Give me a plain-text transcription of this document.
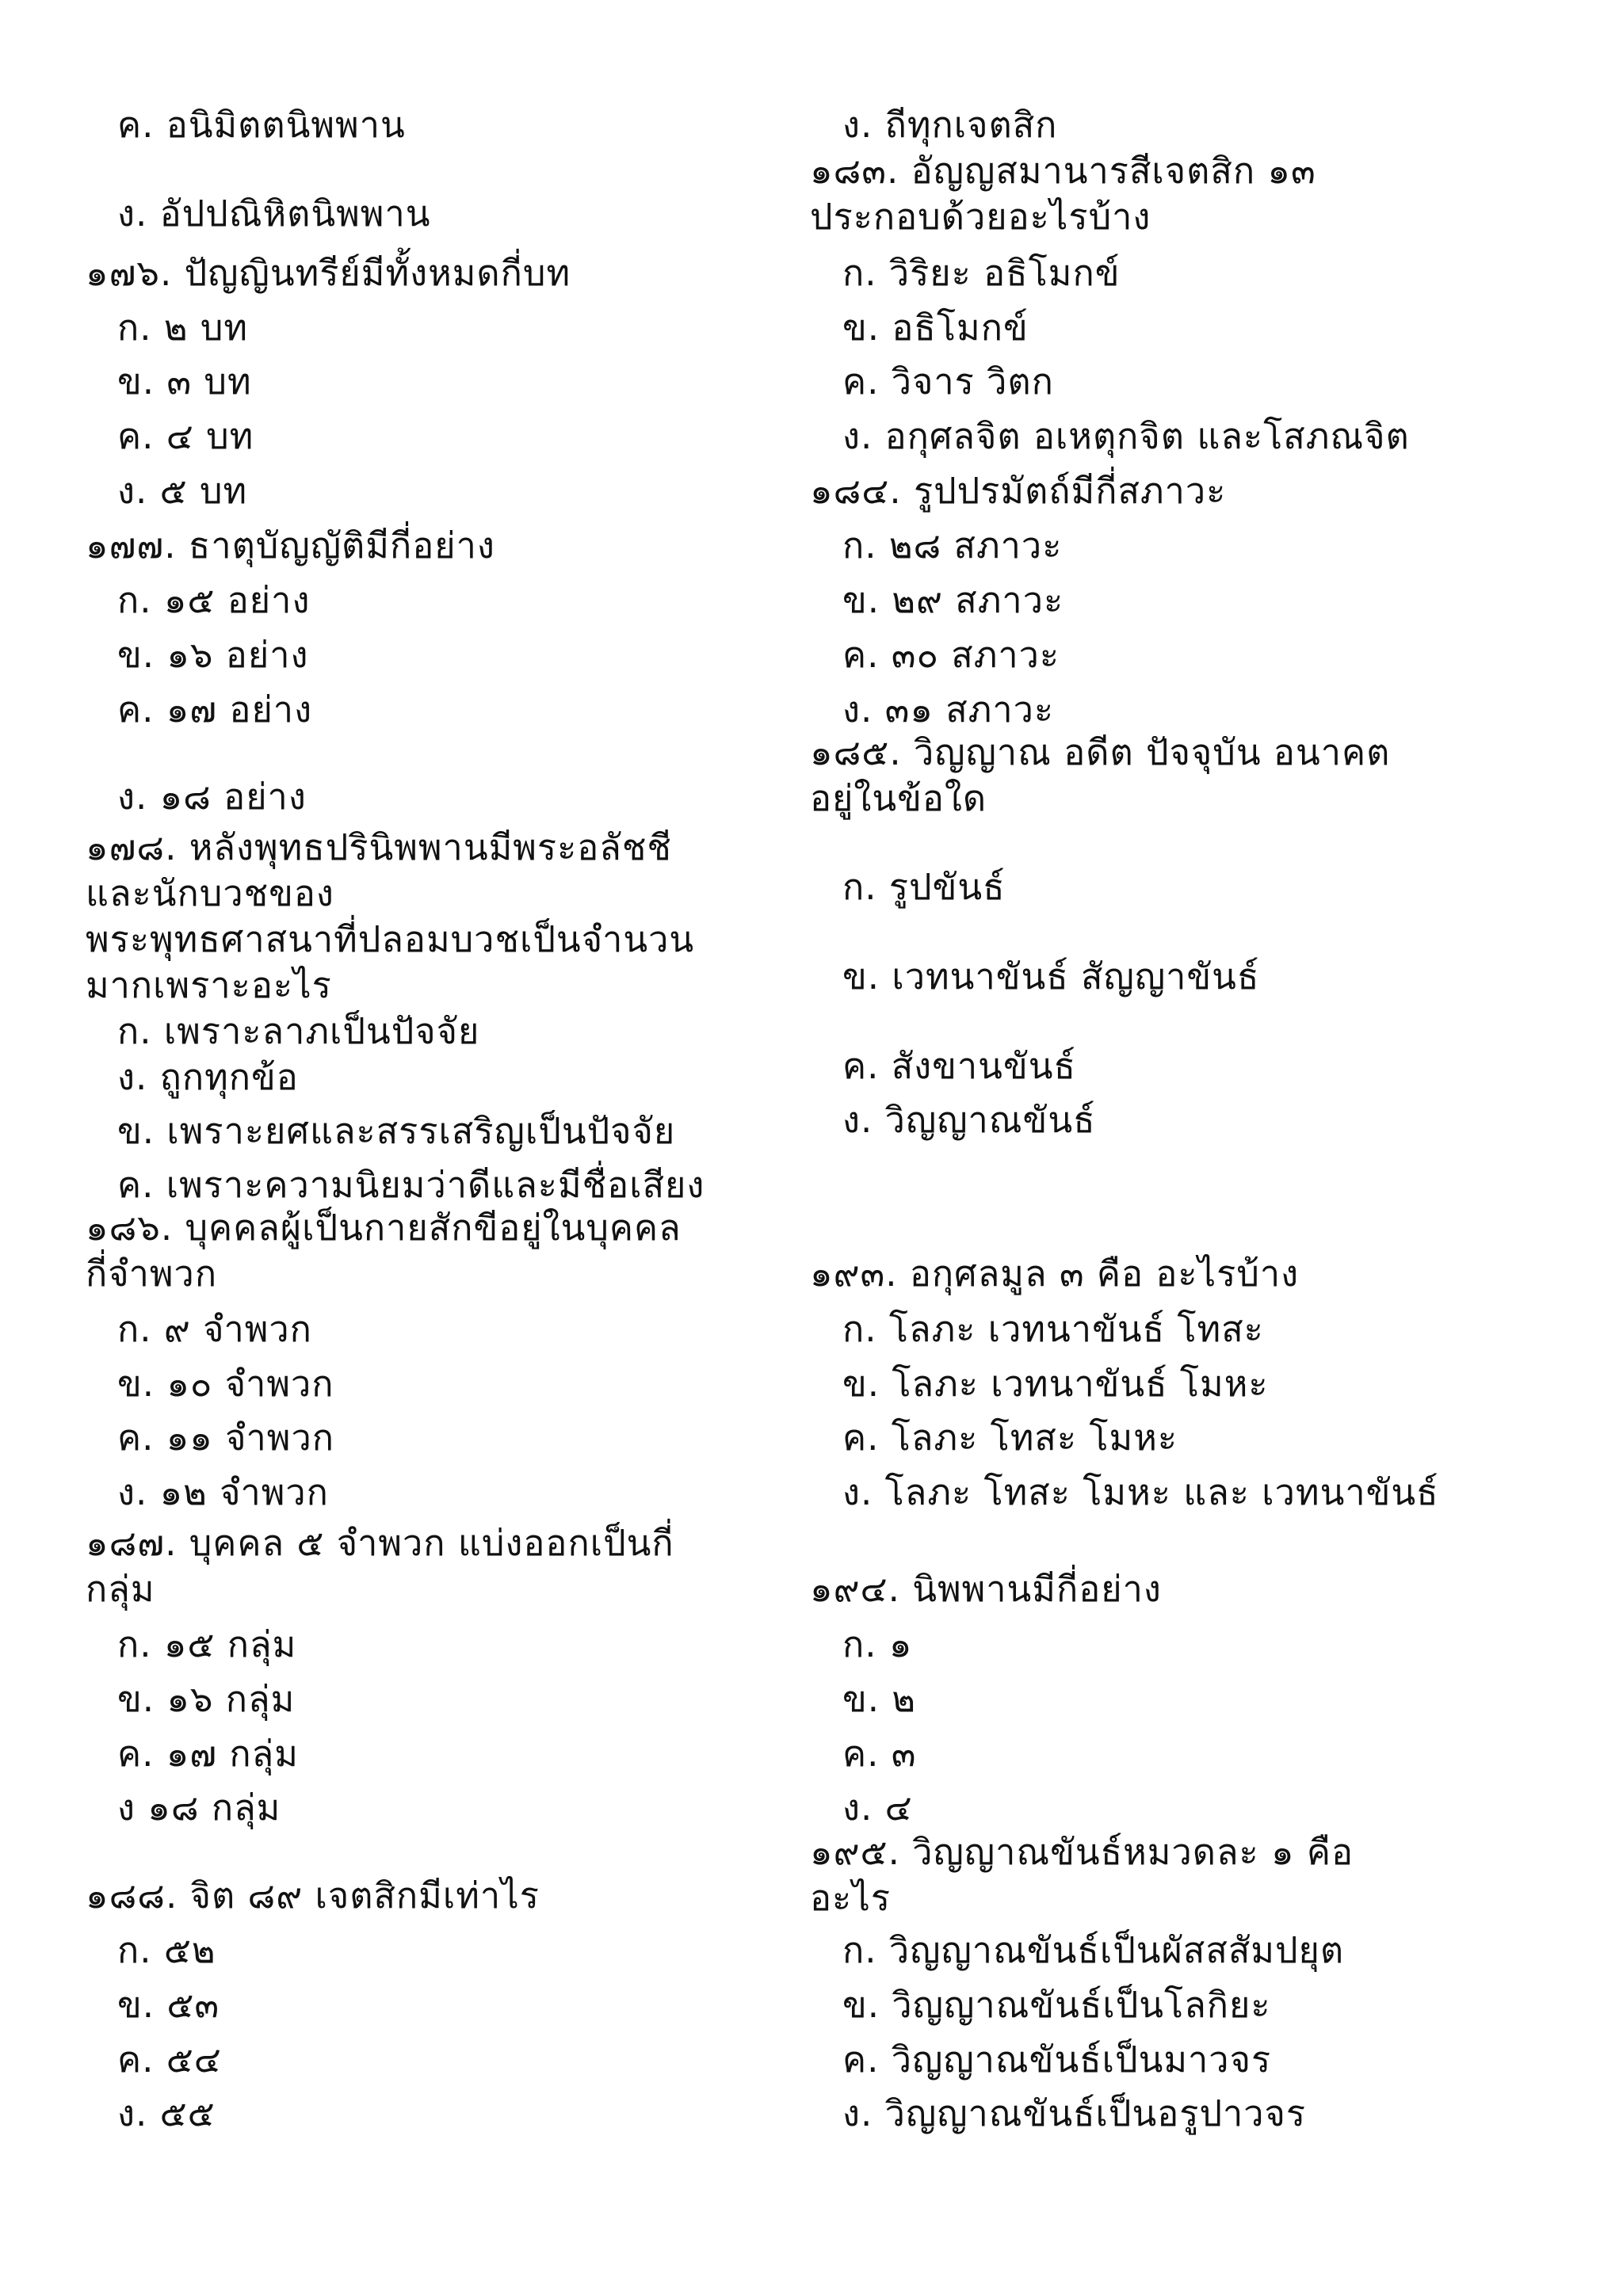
ค. อนิมิตตนิพพาน
ง. อัปปณิหิตนิพพาน
๑๗๖. ปัญญินทรีย์มีทั้งหมดกี่บท
ก. ๒ บท
ข. ๓ บท
ค. ๔ บท
ง. ๕ บท
๑๗๗. ธาตุบัญญัติมีกี่อย่าง
ก. ๑๕ อย่าง
ข. ๑๖ อย่าง
ค. ๑๗ อย่าง
ง. ๑๘ อย่าง
๑๗๘. หลังพุทธปรินิพพานมีพระอลัชชี
และนักบวชของ
พระพุทธศาสนาที่ปลอมบวชเป็นจำนวน
มากเพราะอะไร
ก. เพราะลาภเป็นปัจจัย
ง. ถูกทุกข้อ
ข. เพราะยศและสรรเสริญเป็นปัจจัย
ค. เพราะความนิยมว่าดีและมีชื่อเสียง
๑๘๖. บุคคลผู้เป็นกายสักขีอยู่ในบุคคล
กี่จำพวก
ก. ๙ จำพวก
ข. ๑๐ จำพวก
ค. ๑๑ จำพวก
ง. ๑๒ จำพวก
๑๘๗. บุคคล ๕ จำพวก แบ่งออกเป็นกี่
กลุ่ม
ก. ๑๕ กลุ่ม
ข. ๑๖ กลุ่ม
ค. ๑๗ กลุ่ม
ง ๑๘ กลุ่ม
๑๘๘. จิต ๘๙ เจตสิกมีเท่าไร
ก. ๕๒
ข. ๕๓
ค. ๕๔
ง. ๕๕
ง. ถีทุกเจตสิก
๑๘๓. อัญญสมานารสีเจตสิก ๑๓
ประกอบด้วยอะไรบ้าง
ก. วิริยะ อธิโมกข์
ข. อธิโมกข์
ค. วิจาร วิตก
ง. อกุศลจิต อเหตุกจิต และโสภณจิต
๑๘๔. รูปปรมัตถ์มีกี่สภาวะ
ก. ๒๘ สภาวะ
ข. ๒๙ สภาวะ
ค. ๓๐ สภาวะ
ง. ๓๑ สภาวะ
๑๘๕. วิญญาณ อดีต ปัจจุบัน อนาคต
อยู่ในข้อใด
ก. รูปขันธ์
ข. เวทนาขันธ์ สัญญาขันธ์
ค. สังขานขันธ์
ง. วิญญาณขันธ์
๑๙๓. อกุศลมูล ๓ คือ อะไรบ้าง
ก. โลภะ เวทนาขันธ์ โทสะ
ข. โลภะ เวทนาขันธ์ โมหะ
ค. โลภะ โทสะ โมหะ
ง. โลภะ โทสะ โมหะ และ เวทนาขันธ์
๑๙๔. นิพพานมีกี่อย่าง
ก. ๑
ข. ๒
ค. ๓
ง. ๔
๑๙๕. วิญญาณขันธ์หมวดละ ๑ คือ
อะไร
ก. วิญญาณขันธ์เป็นผัสสสัมปยุต
ข. วิญญาณขันธ์เป็นโลกิยะ
ค. วิญญาณขันธ์เป็นมาวจร
ง. วิญญาณขันธ์เป็นอรูปาวจร
